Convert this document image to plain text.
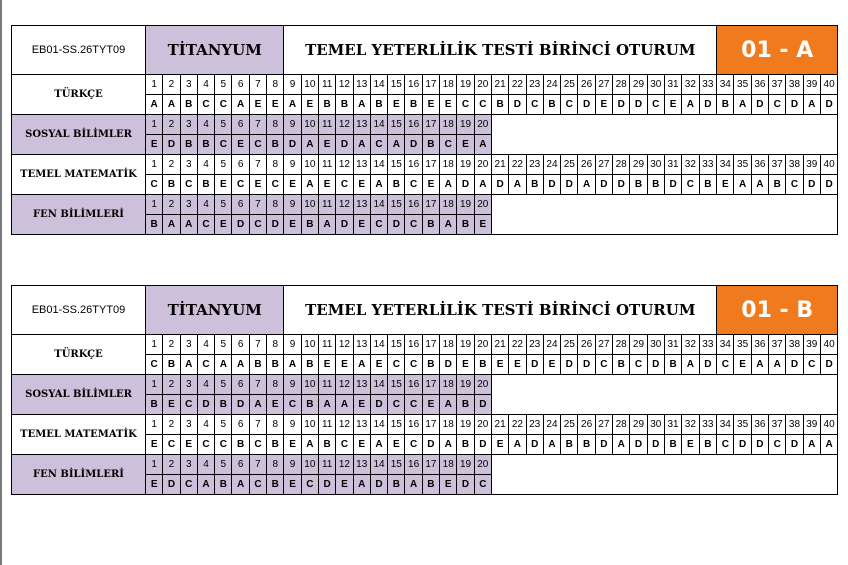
EB01-SS.26TYT09	TİTANYUM								TEMEL YETERLİLİK TESTİ BİRİNCİ OTURUM																									01 - A						
TÜRKÇE	1	2	3	4	5	6	7	8	9	10	11	12	13	14	15	16	17	18	19	20	21	22	23	24	25	26	27	28	29	30	31	32	33	34	35	36	37	38	39	40
	A	A	B	C	C	A	E	E	A	E	B	B	A	B	E	B	E	E	C	C	B	D	C	B	C	D	E	D	D	C	E	A	D	B	A	D	C	D	A	D
SOSYAL BİLİMLER	1	2	3	4	5	6	7	8	9	10	11	12	13	14	15	16	17	18	19	20																				
	E	D	B	B	C	E	C	B	D	A	E	D	A	C	A	D	B	C	E	A																				
TEMEL MATEMATİK	1	2	3	4	5	6	7	8	9	10	11	12	13	14	15	16	17	18	19	20	21	22	23	24	25	26	27	28	29	30	31	32	33	34	35	36	37	38	39	40
	C	B	C	B	E	C	E	C	E	A	E	C	E	A	B	C	E	A	D	A	D	A	B	D	D	A	D	D	B	B	D	C	B	E	A	A	B	C	D	D
FEN BİLİMLERİ	1	2	3	4	5	6	7	8	9	10	11	12	13	14	15	16	17	18	19	20																				
	B	A	A	C	E	D	C	D	E	B	A	D	E	C	D	C	B	A	B	E																				
EB01-SS.26TYT09	TİTANYUM								TEMEL YETERLİLİK TESTİ BİRİNCİ OTURUM																									01 - B						
TÜRKÇE	1	2	3	4	5	6	7	8	9	10	11	12	13	14	15	16	17	18	19	20	21	22	23	24	25	26	27	28	29	30	31	32	33	34	35	36	37	38	39	40
	C	B	A	C	A	A	B	B	A	B	E	E	A	E	C	C	B	D	E	B	E	E	D	E	D	D	C	B	C	D	B	A	D	C	E	A	A	D	C	D
SOSYAL BİLİMLER	1	2	3	4	5	6	7	8	9	10	11	12	13	14	15	16	17	18	19	20																				
	B	E	C	D	B	D	A	E	C	B	A	A	E	D	C	C	E	A	B	D																				
TEMEL MATEMATİK	1	2	3	4	5	6	7	8	9	10	11	12	13	14	15	16	17	18	19	20	21	22	23	24	25	26	27	28	29	30	31	32	33	34	35	36	37	38	39	40
	E	C	E	C	C	B	C	B	E	A	B	C	E	A	E	C	D	A	B	D	E	A	D	A	B	B	D	A	D	D	B	E	B	C	D	D	C	D	A	A
FEN BİLİMLERİ	1	2	3	4	5	6	7	8	9	10	11	12	13	14	15	16	17	18	19	20																				
	E	D	C	A	B	A	C	B	E	C	D	E	A	D	B	A	B	E	D	C																				
